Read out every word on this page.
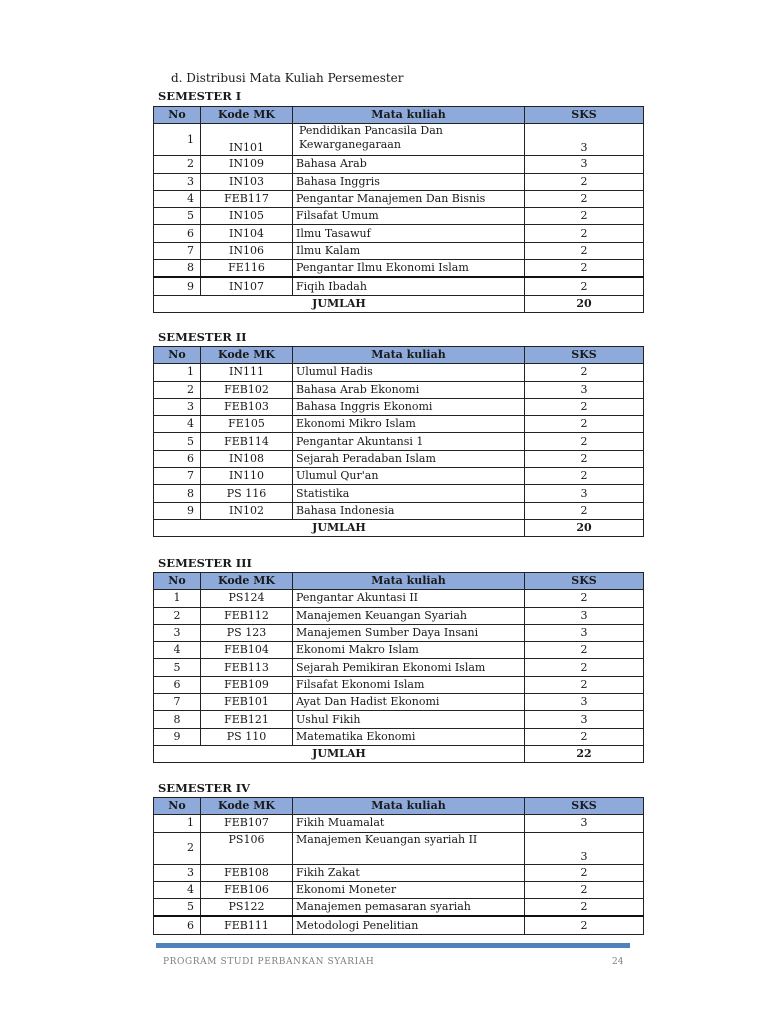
d. Distribusi Mata Kuliah Persemester
SEMESTER I
No	Kode MK	Mata kuliah	SKS
1	IN101	Pendidikan Pancasila Dan Kewarganegaraan	3
2	IN109	Bahasa Arab	3
3	IN103	Bahasa Inggris	2
4	FEB117	Pengantar Manajemen Dan Bisnis	2
5	IN105	Filsafat Umum	2
6	IN104	Ilmu Tasawuf	2
7	IN106	Ilmu Kalam	2
8	FE116	Pengantar Ilmu Ekonomi Islam	2
9	IN107	Fiqih Ibadah	2
JUMLAH			20
SEMESTER II
No	Kode MK	Mata kuliah	SKS
1	IN111	Ulumul Hadis	2
2	FEB102	Bahasa Arab Ekonomi	3
3	FEB103	Bahasa Inggris Ekonomi	2
4	FE105	Ekonomi Mikro Islam	2
5	FEB114	Pengantar Akuntansi 1	2
6	IN108	Sejarah Peradaban Islam	2
7	IN110	Ulumul Qur'an	2
8	PS 116	Statistika	3
9	IN102	Bahasa Indonesia	2
JUMLAH			20
SEMESTER III
No	Kode MK	Mata kuliah	SKS
1	PS124	Pengantar Akuntasi II	2
2	FEB112	Manajemen Keuangan Syariah	3
3	PS 123	Manajemen Sumber Daya Insani	3
4	FEB104	Ekonomi Makro Islam	2
5	FEB113	Sejarah Pemikiran Ekonomi Islam	2
6	FEB109	Filsafat Ekonomi Islam	2
7	FEB101	Ayat Dan Hadist Ekonomi	3
8	FEB121	Ushul Fikih	3
9	PS 110	Matematika Ekonomi	2
JUMLAH			22
SEMESTER IV
No	Kode MK	Mata kuliah	SKS
1	FEB107	Fikih Muamalat	3
2	PS106	Manajemen Keuangan syariah II	3
3	FEB108	Fikih Zakat	2
4	FEB106	Ekonomi Moneter	2
5	PS122	Manajemen pemasaran syariah	2
6	FEB111	Metodologi Penelitian	2
PROGRAM STUDI PERBANKAN SYARIAH	24
